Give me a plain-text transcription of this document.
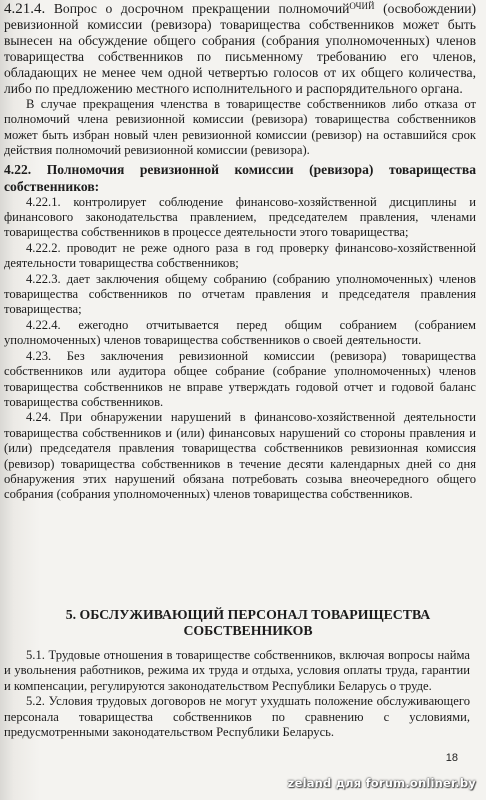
4.21.4. Вопрос о досрочном прекращении полномочий$^{ОЧИЙ}$ (освобождении) ревизионной комиссии (ревизора) товарищества собственников может быть вынесен на обсуждение общего собрания (собрания уполномоченных) членов товарищества собственников по письменному требованию его членов, обладающих не менее чем одной четвертью голосов от их общего количества, либо по предложению местного исполнительного и распорядительного органа.

В случае прекращения членства в товариществе собственников либо отказа от полномочий члена ревизионной комиссии (ревизора) товарищества собственников может быть избран новый член ревизионной комиссии (ревизор) на оставшийся срок действия полномочий ревизионной комиссии (ревизора).

4.22. Полномочия ревизионной комиссии (ревизора) товарищества собственников:

4.22.1. контролирует соблюдение финансово-хозяйственной дисциплины и финансового законодательства правлением, председателем правления, членами товарищества собственников в процессе деятельности этого товарищества;

4.22.2. проводит не реже одного раза в год проверку финансово-хозяйственной деятельности товарищества собственников;

4.22.3. дает заключения общему собранию (собранию уполномоченных) членов товарищества собственников по отчетам правления и председателя правления товарищества;

4.22.4. ежегодно отчитывается перед общим собранием (собранием уполномоченных) членов товарищества собственников о своей деятельности.

4.23. Без заключения ревизионной комиссии (ревизора) товарищества собственников или аудитора общее собрание (собрание уполномоченных) членов товарищества собственников не вправе утверждать годовой отчет и годовой баланс товарищества собственников.

4.24. При обнаружении нарушений в финансово-хозяйственной деятельности товарищества собственников и (или) финансовых нарушений со стороны правления и (или) председателя правления товарищества собственников ревизионная комиссия (ревизор) товарищества собственников в течение десяти календарных дней со дня обнаружения этих нарушений обязана потребовать созыва внеочередного общего собрания (собрания уполномоченных) членов товарищества собственников.

5. ОБСЛУЖИВАЮЩИЙ ПЕРСОНАЛ ТОВАРИЩЕСТВА СОБСТВЕННИКОВ

5.1. Трудовые отношения в товариществе собственников, включая вопросы найма и увольнения работников, режима их труда и отдыха, условия оплаты труда, гарантии и компенсации, регулируются законодательством Республики Беларусь о труде.

5.2. Условия трудовых договоров не могут ухудшать положение обслуживающего персонала товарищества собственников по сравнению с условиями, предусмотренными законодательством Республики Беларусь.

18
zeland для forum.onliner.by
